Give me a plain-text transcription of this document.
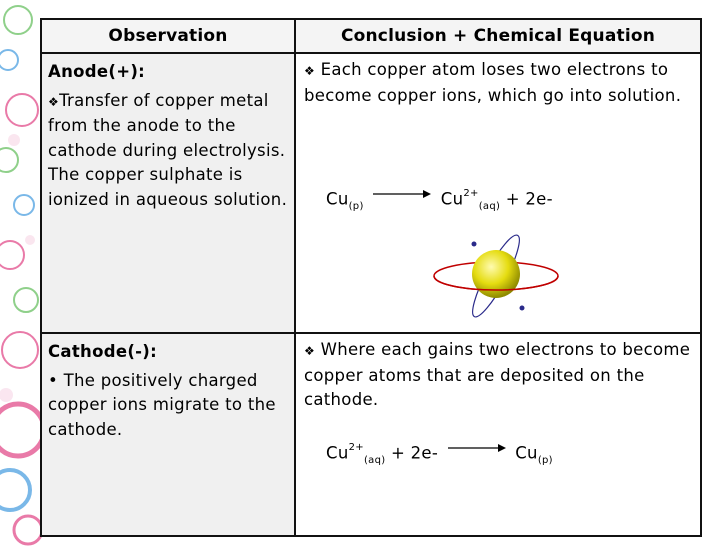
Observation	Conclusion + Chemical Equation
Anode(+):
❖Transfer of copper metal from the anode to the cathode during electrolysis. The copper sulphate is ionized in aqueous solution.
❖ Each copper atom loses two electrons to become copper ions, which go into solution.
$Cu_{(p)} \to Cu^{2+}_{(aq)} + 2e-$
Cathode(-):
• The positively charged copper ions migrate to the cathode.
❖ Where each gains two electrons to become copper atoms that are deposited on the cathode.
$Cu^{2+}_{(aq)} + 2e- \to Cu_{(p)}$
